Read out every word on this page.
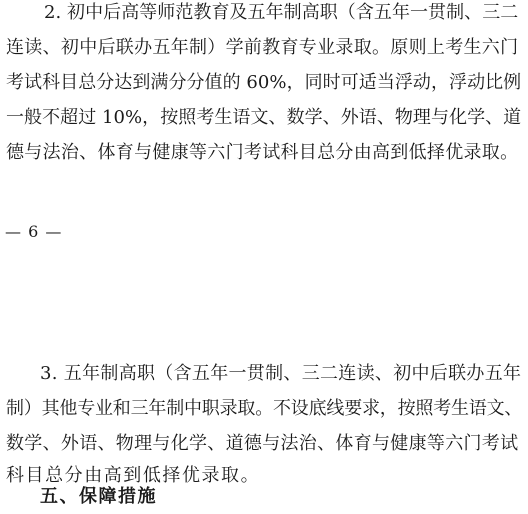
2. 初中后高等师范教育及五年制高职（含五年一贯制、三二
连读、初中后联办五年制）学前教育专业录取。原则上考生六门
考试科目总分达到满分分值的 60%，同时可适当浮动，浮动比例
一般不超过 10%，按照考生语文、数学、外语、物理与化学、道
德与法治、体育与健康等六门考试科目总分由高到低择优录取。
— 6 —
3. 五年制高职（含五年一贯制、三二连读、初中后联办五年
制）其他专业和三年制中职录取。不设底线要求，按照考生语文、
数学、外语、物理与化学、道德与法治、体育与健康等六门考试
科目总分由高到低择优录取。
五、保障措施
